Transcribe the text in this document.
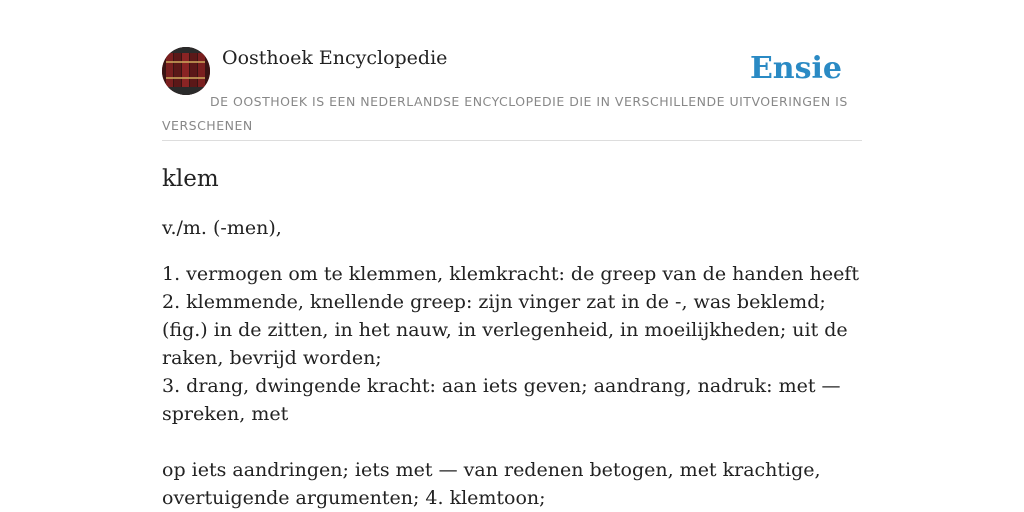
Oosthoek Encyclopedie	Ensie
DE OOSTHOEK IS EEN NEDERLANDSE ENCYCLOPEDIE DIE IN VERSCHILLENDE UITVOERINGEN IS VERSCHENEN
klem
v./m. (-men),
1. vermogen om te klemmen, klemkracht: de greep van de handen heeft
2. klemmende, knellende greep: zijn vinger zat in de -, was beklemd; (fig.) in de zitten, in het nauw, in verlegenheid, in moeilijkheden; uit de raken, bevrijd worden;
3. drang, dwingende kracht: aan iets geven; aandrang, nadruk: met — spreken, met
op iets aandringen; iets met — van redenen betogen, met krachtige, overtuigende argumenten; 4. klemtoon;
